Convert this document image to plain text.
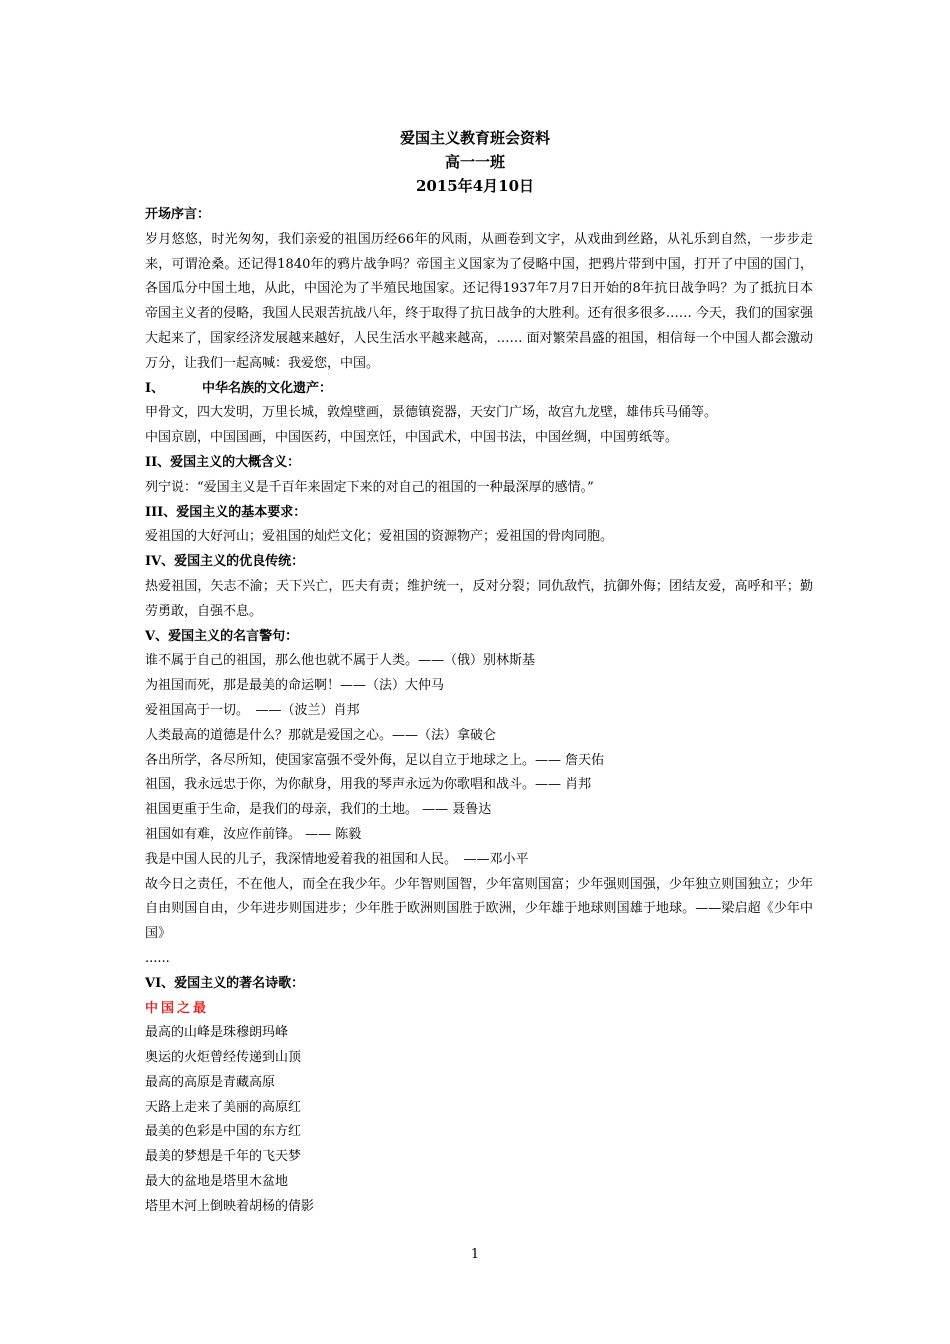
爱国主义教育班会资料
高一一班
2015年4月10日

开场序言：

岁月悠悠，时光匆匆，我们亲爱的祖国历经66年的风雨，从画卷到文字，从戏曲到丝路，从礼乐到自然，一步步走来，可谓沧桑。还记得1840年的鸦片战争吗？帝国主义国家为了侵略中国，把鸦片带到中国，打开了中国的国门，各国瓜分中国土地，从此，中国沦为了半殖民地国家。还记得1937年7月7日开始的8年抗日战争吗？为了抵抗日本帝国主义者的侵略，我国人民艰苦抗战八年，终于取得了抗日战争的大胜利。还有很多很多…… 今天，我们的国家强大起来了，国家经济发展越来越好，人民生活水平越来越高，…… 面对繁荣昌盛的祖国，相信每一个中国人都会激动万分，让我们一起高喊：我爱您，中国。

I、	中华名族的文化遗产：

甲骨文，四大发明，万里长城，敦煌壁画，景德镇瓷器，天安门广场，故宫九龙壁，雄伟兵马俑等。

中国京剧，中国国画，中国医药，中国烹饪，中国武术，中国书法，中国丝绸，中国剪纸等。

II、爱国主义的大概含义：

列宁说：“爱国主义是千百年来固定下来的对自己的祖国的一种最深厚的感情。”

III、爱国主义的基本要求：

爱祖国的大好河山；爱祖国的灿烂文化；爱祖国的资源物产；爱祖国的骨肉同胞。

IV、爱国主义的优良传统：

热爱祖国，矢志不渝；天下兴亡，匹夫有责；维护统一，反对分裂；同仇敌忾，抗御外侮；团结友爱，高呼和平；勤劳勇敢，自强不息。

V、爱国主义的名言警句：

谁不属于自己的祖国，那么他也就不属于人类。——（俄）别林斯基

为祖国而死，那是最美的命运啊！——（法）大仲马

爱祖国高于一切。　——（波兰）肖邦

人类最高的道德是什么？那就是爱国之心。——（法）拿破仑

各出所学，各尽所知，使国家富强不受外侮，足以自立于地球之上。—— 詹天佑

祖国，我永远忠于你，为你献身，用我的琴声永远为你歌唱和战斗。—— 肖邦

祖国更重于生命，是我们的母亲，我们的土地。 —— 聂鲁达

祖国如有难，汝应作前锋。 —— 陈毅

我是中国人民的儿子，我深情地爱着我的祖国和人民。　——邓小平

故今日之责任，不在他人，而全在我少年。少年智则国智，少年富则国富；少年强则国强，少年独立则国独立；少年自由则国自由，少年进步则国进步；少年胜于欧洲则国胜于欧洲，少年雄于地球则国雄于地球。——梁启超《少年中国》

......

VI、爱国主义的著名诗歌：

中国之最

最高的山峰是珠穆朗玛峰

奥运的火炬曾经传递到山顶

最高的高原是青藏高原

天路上走来了美丽的高原红

最美的色彩是中国的东方红

最美的梦想是千年的飞天梦

最大的盆地是塔里木盆地

塔里木河上倒映着胡杨的倩影

1
